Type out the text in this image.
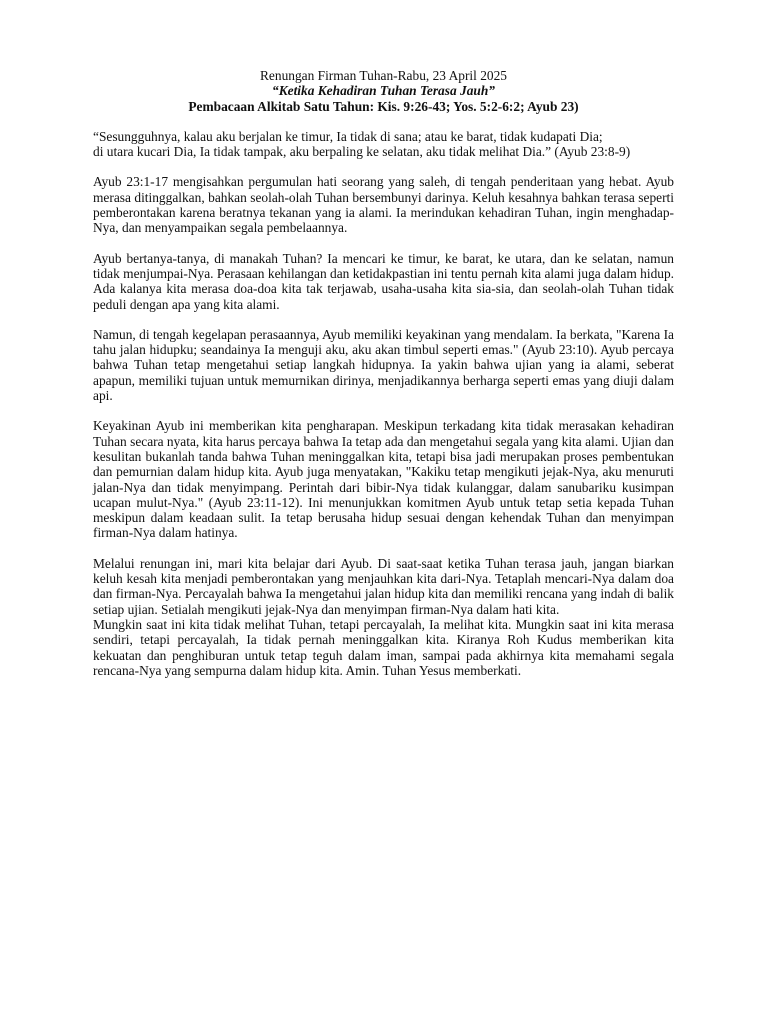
Renungan Firman Tuhan-Rabu, 23 April 2025
“Ketika Kehadiran Tuhan Terasa Jauh”
Pembacaan Alkitab Satu Tahun: Kis. 9:26-43; Yos. 5:2-6:2; Ayub 23)
“Sesungguhnya, kalau aku berjalan ke timur, Ia tidak di sana; atau ke barat, tidak kudapati Dia;
di utara kucari Dia, Ia tidak tampak, aku berpaling ke selatan, aku tidak melihat Dia.” (Ayub 23:8-9)

Ayub 23:1-17 mengisahkan pergumulan hati seorang yang saleh, di tengah penderitaan yang hebat. Ayub merasa ditinggalkan, bahkan seolah-olah Tuhan bersembunyi darinya. Keluh kesahnya bahkan terasa seperti pemberontakan karena beratnya tekanan yang ia alami. Ia merindukan kehadiran Tuhan, ingin menghadap-Nya, dan menyampaikan segala pembelaannya.

Ayub bertanya-tanya, di manakah Tuhan? Ia mencari ke timur, ke barat, ke utara, dan ke selatan, namun tidak menjumpai-Nya. Perasaan kehilangan dan ketidakpastian ini tentu pernah kita alami juga dalam hidup. Ada kalanya kita merasa doa-doa kita tak terjawab, usaha-usaha kita sia-sia, dan seolah-olah Tuhan tidak peduli dengan apa yang kita alami.

Namun, di tengah kegelapan perasaannya, Ayub memiliki keyakinan yang mendalam. Ia berkata, "Karena Ia tahu jalan hidupku; seandainya Ia menguji aku, aku akan timbul seperti emas." (Ayub 23:10). Ayub percaya bahwa Tuhan tetap mengetahui setiap langkah hidupnya. Ia yakin bahwa ujian yang ia alami, seberat apapun, memiliki tujuan untuk memurnikan dirinya, menjadikannya berharga seperti emas yang diuji dalam api.

Keyakinan Ayub ini memberikan kita pengharapan. Meskipun terkadang kita tidak merasakan kehadiran Tuhan secara nyata, kita harus percaya bahwa Ia tetap ada dan mengetahui segala yang kita alami. Ujian dan kesulitan bukanlah tanda bahwa Tuhan meninggalkan kita, tetapi bisa jadi merupakan proses pembentukan dan pemurnian dalam hidup kita. Ayub juga menyatakan, "Kakiku tetap mengikuti jejak-Nya, aku menuruti jalan-Nya dan tidak menyimpang. Perintah dari bibir-Nya tidak kulanggar, dalam sanubariku kusimpan ucapan mulut-Nya." (Ayub 23:11-12). Ini menunjukkan komitmen Ayub untuk tetap setia kepada Tuhan meskipun dalam keadaan sulit. Ia tetap berusaha hidup sesuai dengan kehendak Tuhan dan menyimpan firman-Nya dalam hatinya.

Melalui renungan ini, mari kita belajar dari Ayub. Di saat-saat ketika Tuhan terasa jauh, jangan biarkan keluh kesah kita menjadi pemberontakan yang menjauhkan kita dari-Nya. Tetaplah mencari-Nya dalam doa dan firman-Nya. Percayalah bahwa Ia mengetahui jalan hidup kita dan memiliki rencana yang indah di balik setiap ujian. Setialah mengikuti jejak-Nya dan menyimpan firman-Nya dalam hati kita.

Mungkin saat ini kita tidak melihat Tuhan, tetapi percayalah, Ia melihat kita. Mungkin saat ini kita merasa sendiri, tetapi percayalah, Ia tidak pernah meninggalkan kita. Kiranya Roh Kudus memberikan kita kekuatan dan penghiburan untuk tetap teguh dalam iman, sampai pada akhirnya kita memahami segala rencana-Nya yang sempurna dalam hidup kita. Amin. Tuhan Yesus memberkati.
